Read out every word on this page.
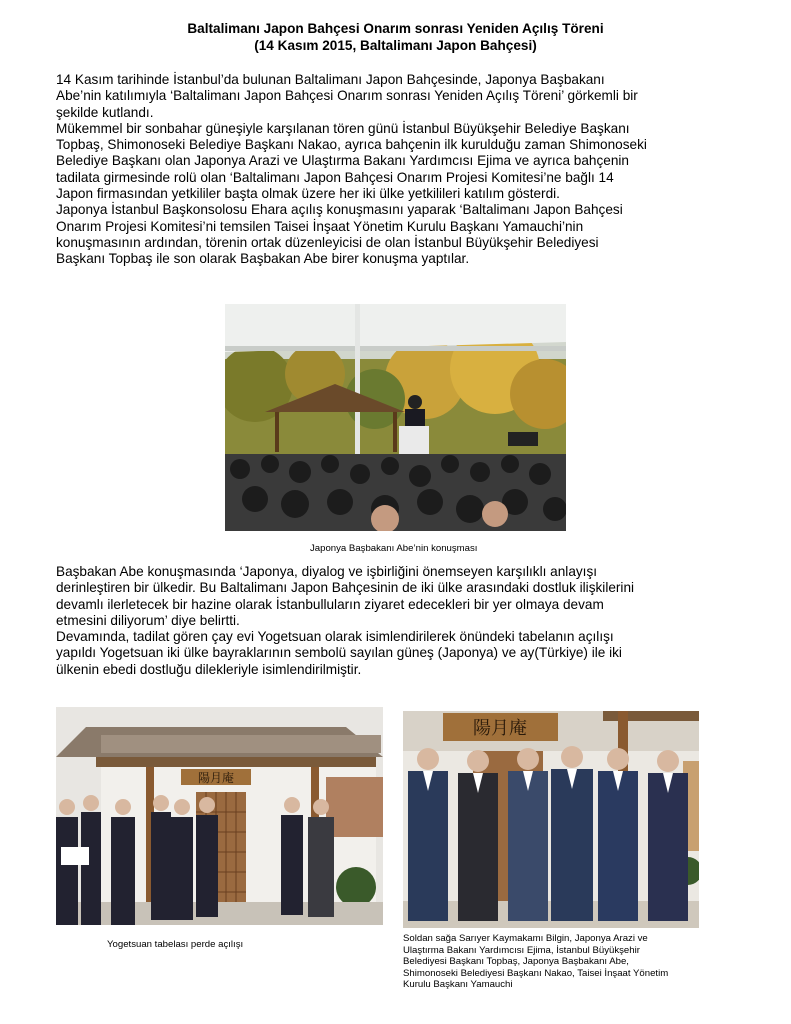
Baltalimanı Japon Bahçesi Onarım sonrası Yeniden Açılış Töreni
(14 Kasım 2015, Baltalimanı Japon Bahçesi)
14 Kasım tarihinde İstanbul’da bulunan Baltalimanı Japon Bahçesinde, Japonya Başbakanı
Abe’nin katılımıyla ‘Baltalimanı Japon Bahçesi Onarım sonrası Yeniden Açılış Töreni’ görkemli bir
şekilde kutlandı.
Mükemmel bir sonbahar güneşiyle karşılanan tören günü İstanbul Büyükşehir Belediye Başkanı
Topbaş, Shimonoseki Belediye Başkanı Nakao, ayrıca bahçenin ilk kurulduğu zaman Shimonoseki
Belediye Başkanı olan Japonya Arazi ve Ulaştırma Bakanı Yardımcısı Ejima ve ayrıca bahçenin
tadilata girmesinde rolü olan ‘Baltalimanı Japon Bahçesi Onarım Projesi Komitesi’ne bağlı 14
Japon firmasından yetkililer başta olmak üzere her iki ülke yetkilileri katılım gösterdi.
Japonya İstanbul Başkonsolosu Ehara açılış konuşmasını yaparak ‘Baltalimanı Japon Bahçesi
Onarım Projesi Komitesi’ni temsilen Taisei İnşaat Yönetim Kurulu Başkanı Yamauchi’nin
konuşmasının ardından, törenin ortak düzenleyicisi de olan İstanbul Büyükşehir Belediyesi
Başkanı Topbaş ile son olarak Başbakan Abe birer konuşma yaptılar.
Japonya Başbakanı Abe’nin konuşması
Başbakan Abe konuşmasında ‘Japonya, diyalog ve işbirliğini önemseyen karşılıklı anlayışı
derinleştiren bir ülkedir. Bu Baltalimanı Japon Bahçesinin de iki ülke arasındaki dostluk ilişkilerini
devamlı ilerletecek bir hazine olarak İstanbulluların ziyaret edecekleri bir yer olmaya devam
etmesini diliyorum’ diye belirtti.
Devamında, tadilat gören çay evi Yogetsuan olarak isimlendirilerek önündeki tabelanın açılışı
yapıldı Yogetsuan iki ülke bayraklarının sembolü sayılan güneş (Japonya) ve ay(Türkiye) ile iki
ülkenin ebedi dostluğu dilekleriyle isimlendirilmiştir.
陽月庵
Yogetsuan tabelası perde açılışı
陽月庵
Soldan sağa Sarıyer Kaymakamı Bilgin, Japonya Arazi ve
Ulaştırma Bakanı Yardımcısı Ejima, İstanbul Büyükşehir
Belediyesi Başkanı Topbaş, Japonya Başbakanı Abe,
Shimonoseki Belediyesi Başkanı Nakao, Taisei İnşaat Yönetim
Kurulu Başkanı Yamauchi
